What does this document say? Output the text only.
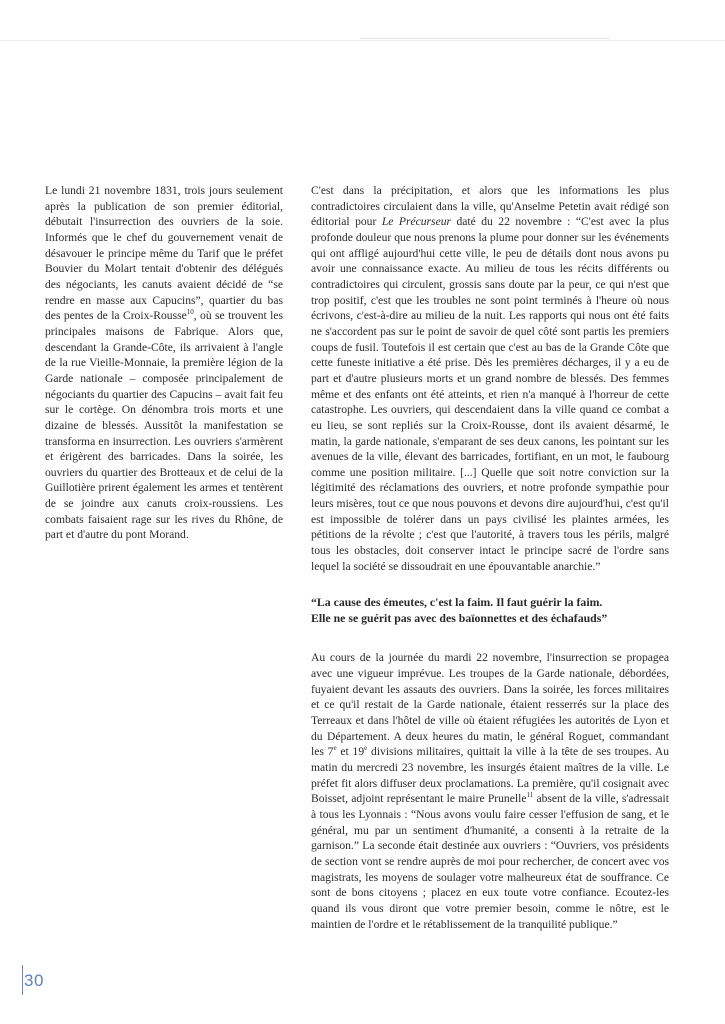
Le lundi 21 novembre 1831, trois jours seulement après la publication de son premier éditorial, débutait l'insurrection des ouvriers de la soie. Informés que le chef du gouvernement venait de désavouer le principe même du Tarif que le préfet Bouvier du Molart tentait d'obtenir des délégués des négociants, les canuts avaient décidé de “se rendre en masse aux Capucins”, quartier du bas des pentes de la Croix-Rousse$^{10}$, où se trouvent les principales maisons de Fabrique. Alors que, descendant la Grande-Côte, ils arrivaient à l'angle de la rue Vieille-Monnaie, la première légion de la Garde nationale – composée principalement de négociants du quartier des Capucins – avait fait feu sur le cortège. On dénombra trois morts et une dizaine de blessés. Aussitôt la manifestation se transforma en insurrection. Les ouvriers s'armèrent et érigèrent des barricades. Dans la soirée, les ouvriers du quartier des Brotteaux et de celui de la Guillotière prirent également les armes et tentèrent de se joindre aux canuts croix-roussiens. Les combats faisaient rage sur les rives du Rhône, de part et d'autre du pont Morand.

C'est dans la précipitation, et alors que les informations les plus contradictoires circulaient dans la ville, qu'Anselme Petetin avait rédigé son éditorial pour Le Précurseur daté du 22 novembre : “C'est avec la plus profonde douleur que nous prenons la plume pour donner sur les événements qui ont affligé aujourd'hui cette ville, le peu de détails dont nous avons pu avoir une connaissance exacte. Au milieu de tous les récits différents ou contradictoires qui circulent, grossis sans doute par la peur, ce qui n'est que trop positif, c'est que les troubles ne sont point terminés à l'heure où nous écrivons, c'est-à-dire au milieu de la nuit. Les rapports qui nous ont été faits ne s'accordent pas sur le point de savoir de quel côté sont partis les premiers coups de fusil. Toutefois il est certain que c'est au bas de la Grande Côte que cette funeste initiative a été prise. Dès les premières décharges, il y a eu de part et d'autre plusieurs morts et un grand nombre de blessés. Des femmes même et des enfants ont été atteints, et rien n'a manqué à l'horreur de cette catastrophe. Les ouvriers, qui descendaient dans la ville quand ce combat a eu lieu, se sont repliés sur la Croix-Rousse, dont ils avaient désarmé, le matin, la garde nationale, s'emparant de ses deux canons, les pointant sur les avenues de la ville, élevant des barricades, fortifiant, en un mot, le faubourg comme une position militaire. [...] Quelle que soit notre conviction sur la légitimité des réclamations des ouvriers, et notre profonde sympathie pour leurs misères, tout ce que nous pouvons et devons dire aujourd'hui, c'est qu'il est impossible de tolérer dans un pays civilisé les plaintes armées, les pétitions de la révolte ; c'est que l'autorité, à travers tous les périls, malgré tous les obstacles, doit conserver intact le principe sacré de l'ordre sans lequel la société se dissoudrait en une épouvantable anarchie.”

“La cause des émeutes, c'est la faim. Il faut guérir la faim.
Elle ne se guérit pas avec des baïonnettes et des échafauds”

Au cours de la journée du mardi 22 novembre, l'insurrection se propagea avec une vigueur imprévue. Les troupes de la Garde nationale, débordées, fuyaient devant les assauts des ouvriers. Dans la soirée, les forces militaires et ce qu'il restait de la Garde nationale, étaient resserrés sur la place des Terreaux et dans l'hôtel de ville où étaient réfugiées les autorités de Lyon et du Département. A deux heures du matin, le général Roguet, commandant les 7e et 19e divisions militaires, quittait la ville à la tête de ses troupes. Au matin du mercredi 23 novembre, les insurgés étaient maîtres de la ville. Le préfet fit alors diffuser deux proclamations. La première, qu'il cosignait avec Boisset, adjoint représentant le maire Prunelle$^{11}$ absent de la ville, s'adressait à tous les Lyonnais : “Nous avons voulu faire cesser l'effusion de sang, et le général, mu par un sentiment d'humanité, a consenti à la retraite de la garnison.” La seconde était destinée aux ouvriers : “Ouvriers, vos présidents de section vont se rendre auprès de moi pour rechercher, de concert avec vos magistrats, les moyens de soulager votre malheureux état de souffrance. Ce sont de bons citoyens ; placez en eux toute votre confiance. Ecoutez-les quand ils vous diront que votre premier besoin, comme le nôtre, est le maintien de l'ordre et le rétablissement de la tranquilité publique.”

30
